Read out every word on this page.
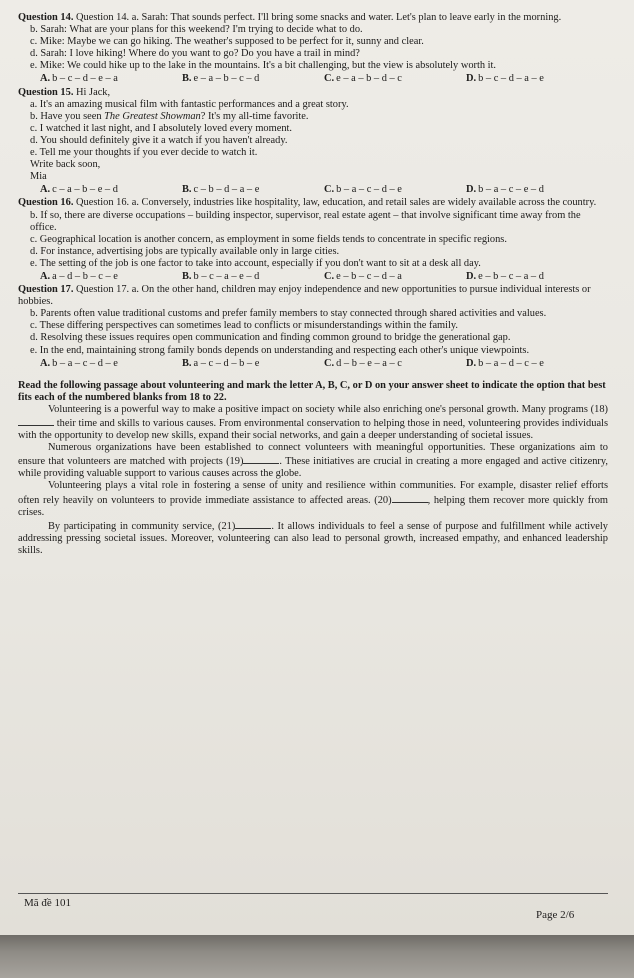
Question 14. Question 14. a. Sarah: That sounds perfect. I'll bring some snacks and water. Let's plan to leave early in the morning.

b. Sarah: What are your plans for this weekend? I'm trying to decide what to do.

c. Mike: Maybe we can go hiking. The weather's supposed to be perfect for it, sunny and clear.

d. Sarah: I love hiking! Where do you want to go? Do you have a trail in mind?

e. Mike: We could hike up to the lake in the mountains. It's a bit challenging, but the view is absolutely worth it.

A. b – c – d – e – a	B. e – a – b – c – d	C. e – a – b – d – c	D. b – c – d – a – e

Question 15. Hi Jack,

a. It's an amazing musical film with fantastic performances and a great story.

b. Have you seen The Greatest Showman? It's my all-time favorite.

c. I watched it last night, and I absolutely loved every moment.

d. You should definitely give it a watch if you haven't already.

e. Tell me your thoughts if you ever decide to watch it.

Write back soon,

Mia

A. c – a – b – e – d	B. c – b – d – a – e	C. b – a – c – d – e	D. b – a – c – e – d

Question 16. Question 16. a. Conversely, industries like hospitality, law, education, and retail sales are widely available across the country.

b. If so, there are diverse occupations – building inspector, supervisor, real estate agent – that involve significant time away from the office.

c. Geographical location is another concern, as employment in some fields tends to concentrate in specific regions.

d. For instance, advertising jobs are typically available only in large cities.

e. The setting of the job is one factor to take into account, especially if you don't want to sit at a desk all day.

A. a – d – b – c – e	B. b – c – a – e – d	C. e – b – c – d – a	D. e – b – c – a – d

Question 17. Question 17. a. On the other hand, children may enjoy independence and new opportunities to pursue individual interests or hobbies.

b. Parents often value traditional customs and prefer family members to stay connected through shared activities and values.

c. These differing perspectives can sometimes lead to conflicts or misunderstandings within the family.

d. Resolving these issues requires open communication and finding common ground to bridge the generational gap.

e. In the end, maintaining strong family bonds depends on understanding and respecting each other's unique viewpoints.

A. b – a – c – d – e	B. a – c – d – b – e	C. d – b – e – a – c	D. b – a – d – c – e

Read the following passage about volunteering and mark the letter A, B, C, or D on your answer sheet to indicate the option that best fits each of the numbered blanks from 18 to 22.

Volunteering is a powerful way to make a positive impact on society while also enriching one's personal growth. Many programs (18) their time and skills to various causes. From environmental conservation to helping those in need, volunteering provides individuals with the opportunity to develop new skills, expand their social networks, and gain a deeper understanding of societal issues.

Numerous organizations have been established to connect volunteers with meaningful opportunities. These organizations aim to ensure that volunteers are matched with projects (19)	. These initiatives are crucial in creating a more engaged and active citizenry, while providing valuable support to various causes across the globe.

Volunteering plays a vital role in fostering a sense of unity and resilience within communities. For example, disaster relief efforts often rely heavily on volunteers to provide immediate assistance to affected areas. (20)	, helping them recover more quickly from crises.

By participating in community service, (21)	. It allows individuals to feel a sense of purpose and fulfillment while actively addressing pressing societal issues. Moreover, volunteering can also lead to personal growth, increased empathy, and enhanced leadership skills.

Mã đề 101
Page 2/6
